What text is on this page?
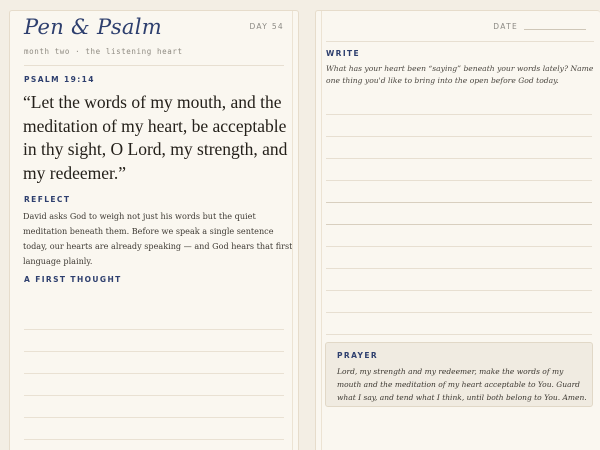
Pen & Psalm	DAY 54
month two · the listening heart
PSALM 19:14
“Let the words of my mouth, and the meditation of my heart, be acceptable in thy sight, O Lord, my strength, and my redeemer.”
REFLECT
David asks God to weigh not just his words but the quiet meditation beneath them. Before we speak a single sentence today, our hearts are already speaking — and God hears that first language plainly.
A FIRST THOUGHT
DATE
WRITE
What has your heart been “saying” beneath your words lately? Name one thing you'd like to bring into the open before God today.
PRAYER
Lord, my strength and my redeemer, make the words of my mouth and the meditation of my heart acceptable to You. Guard what I say, and tend what I think, until both belong to You. Amen.
